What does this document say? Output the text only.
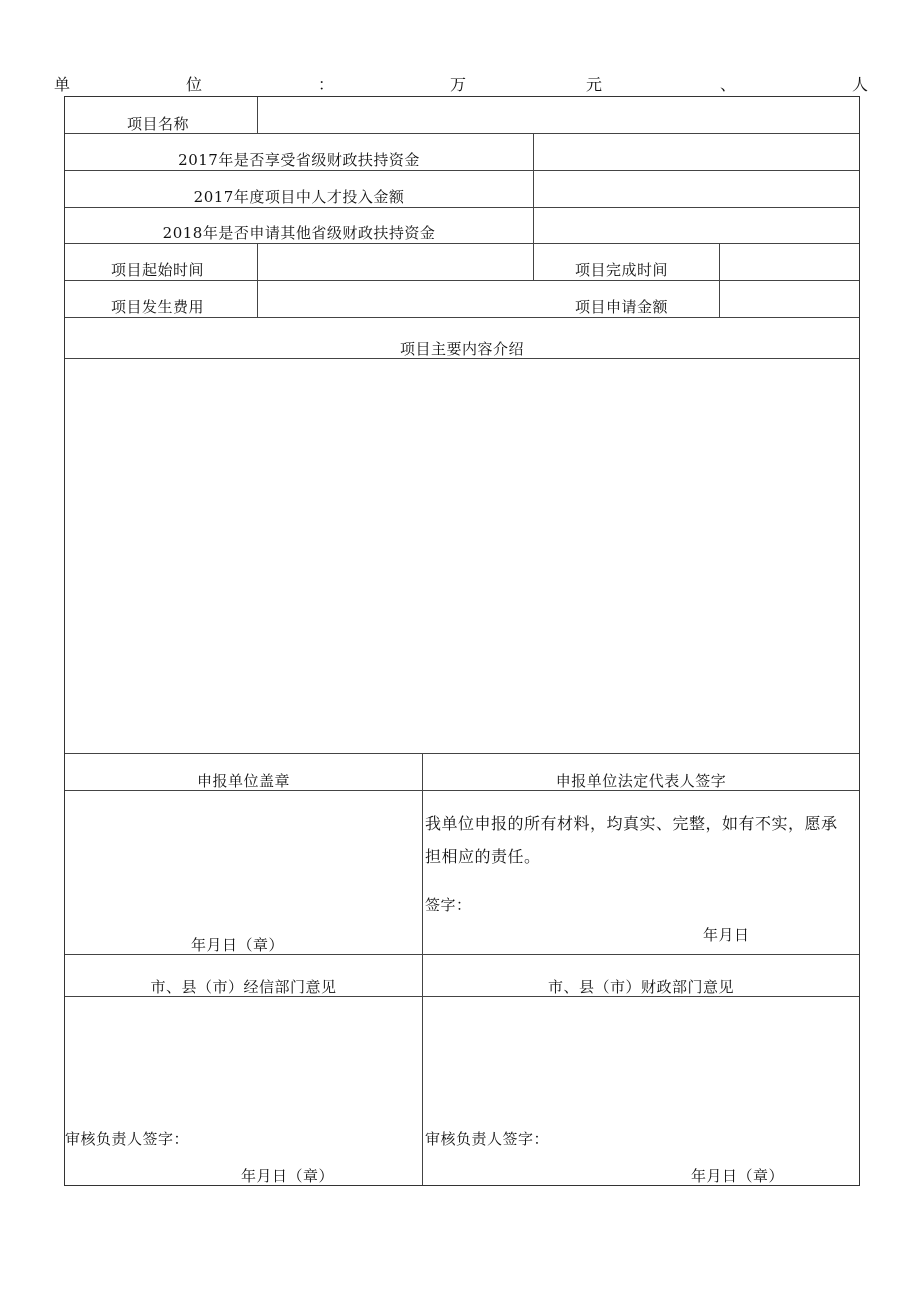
单	位	：	万	元	、	人
项目名称
2017年是否享受省级财政扶持资金
2017年度项目中人才投入金额
2018年是否申请其他省级财政扶持资金
项目起始时间	项目完成时间
项目发生费用	项目申请金额
项目主要内容介绍
申报单位盖章	申报单位法定代表人签字
年月日（章）
我单位申报的所有材料，均真实、完整，如有不实，愿承
担相应的责任。
签字：
年月日
市、县（市）经信部门意见	市、县（市）财政部门意见
审核负责人签字：
年月日（章）
审核负责人签字：
年月日（章）
